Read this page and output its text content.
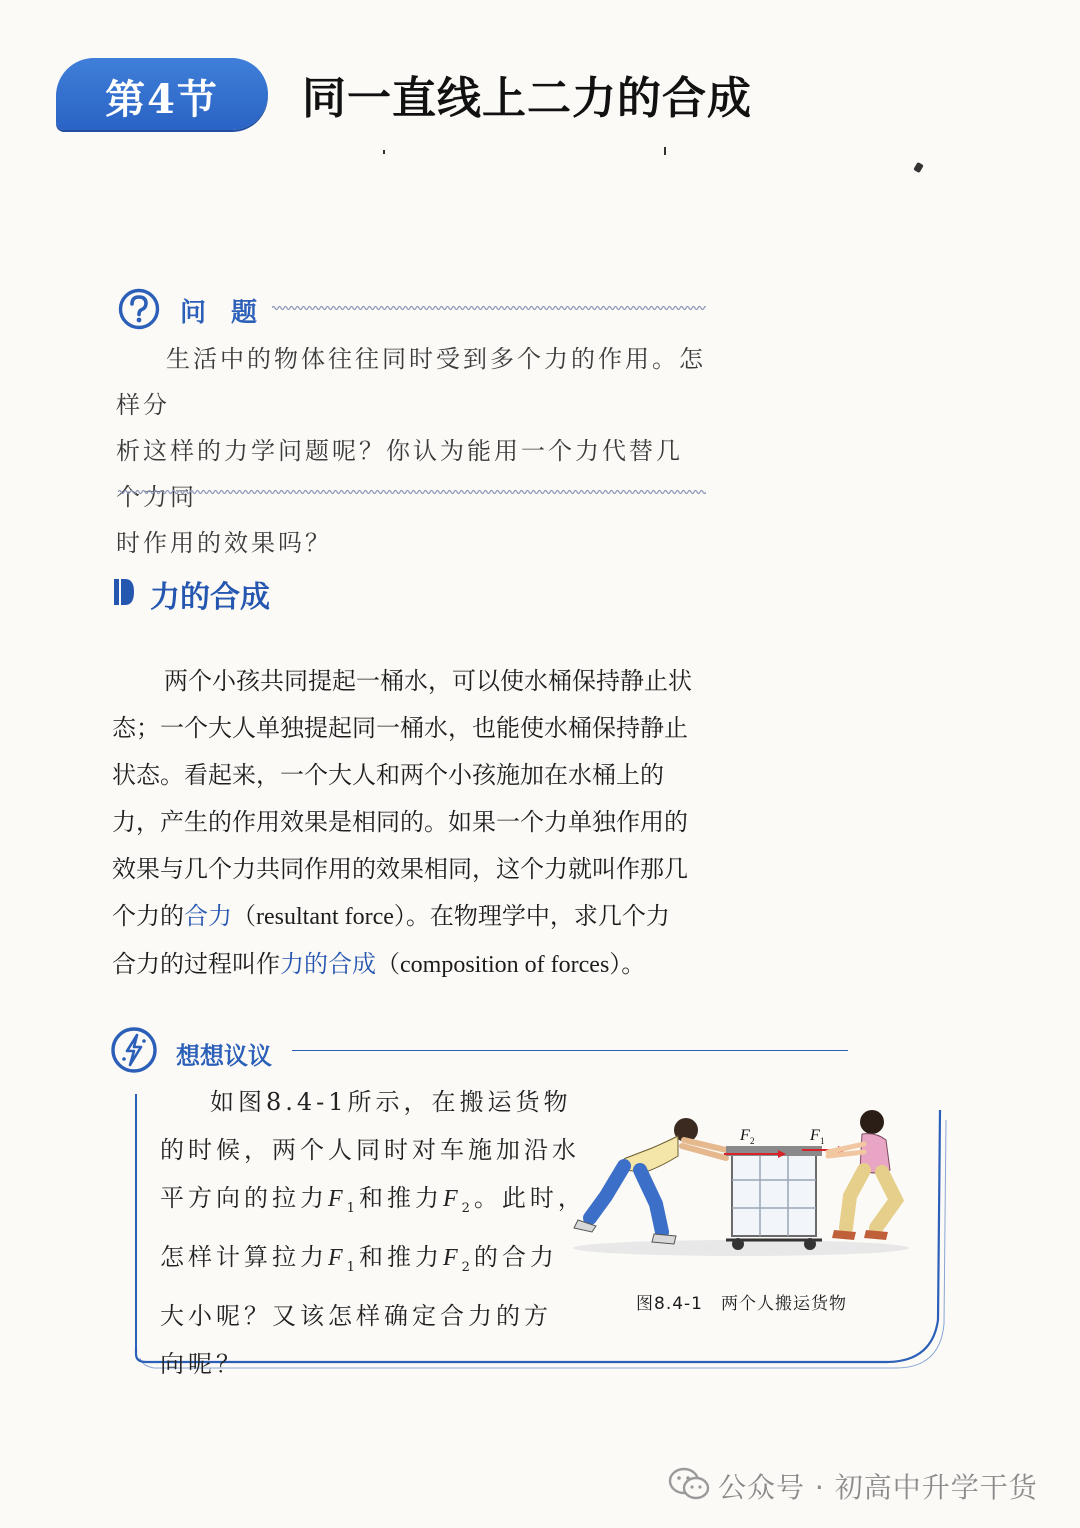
第4节	同一直线上二力的合成
问 题
生活中的物体往往同时受到多个力的作用。怎样分
析这样的力学问题呢？你认为能用一个力代替几个力同
时作用的效果吗？
力的合成
两个小孩共同提起一桶水，可以使水桶保持静止状
态；一个大人单独提起同一桶水，也能使水桶保持静止
状态。看起来，一个大人和两个小孩施加在水桶上的
力，产生的作用效果是相同的。如果一个力单独作用的
效果与几个力共同作用的效果相同，这个力就叫作那几
个力的合力（resultant force）。在物理学中，求几个力
合力的过程叫作力的合成（composition of forces）。
想想议议
如图8.4-1所示，在搬运货物
的时候，两个人同时对车施加沿水
平方向的拉力$F_1$和推力$F_2$。此时，
怎样计算拉力$F_1$和推力$F_2$的合力
大小呢？又该怎样确定合力的方
向呢？
F 2	F 1
图8.4-1　两个人搬运货物
公众号 · 初高中升学干货
